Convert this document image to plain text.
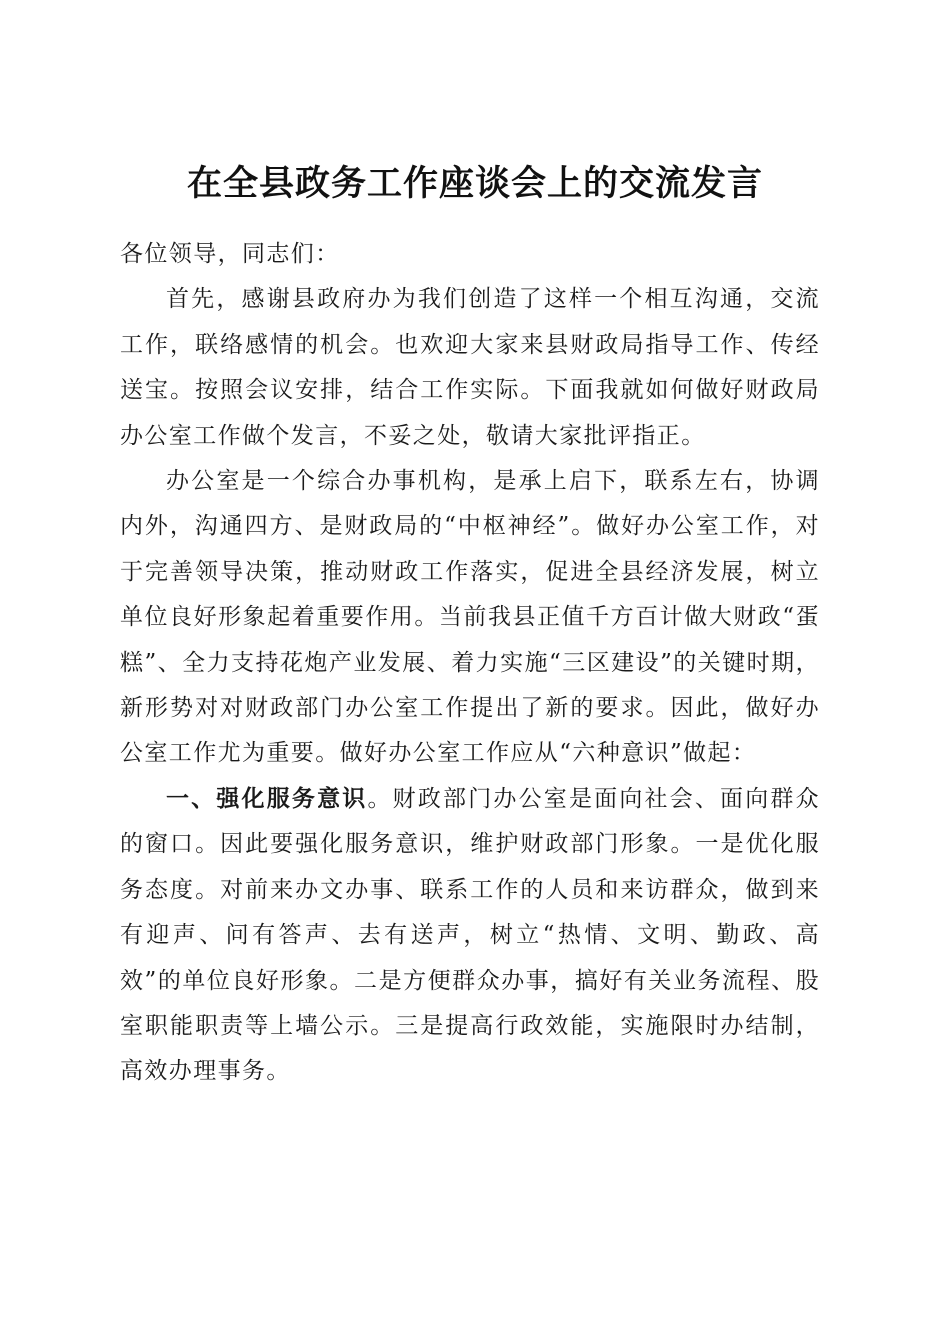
在全县政务工作座谈会上的交流发言

各位领导，同志们：

首先，感谢县政府办为我们创造了这样一个相互沟通，交流工作，联络感情的机会。也欢迎大家来县财政局指导工作、传经送宝。按照会议安排，结合工作实际。下面我就如何做好财政局办公室工作做个发言，不妥之处，敬请大家批评指正。

办公室是一个综合办事机构，是承上启下，联系左右，协调内外，沟通四方、是财政局的“中枢神经”。做好办公室工作，对于完善领导决策，推动财政工作落实，促进全县经济发展，树立单位良好形象起着重要作用。当前我县正值千方百计做大财政“蛋糕”、全力支持花炮产业发展、着力实施“三区建设”的关键时期，新形势对对财政部门办公室工作提出了新的要求。因此，做好办公室工作尤为重要。做好办公室工作应从“六种意识”做起：

一、强化服务意识。财政部门办公室是面向社会、面向群众的窗口。因此要强化服务意识，维护财政部门形象。一是优化服务态度。对前来办文办事、联系工作的人员和来访群众，做到来有迎声、问有答声、去有送声，树立“热情、文明、勤政、高效”的单位良好形象。二是方便群众办事，搞好有关业务流程、股室职能职责等上墙公示。三是提高行政效能，实施限时办结制，高效办理事务。
